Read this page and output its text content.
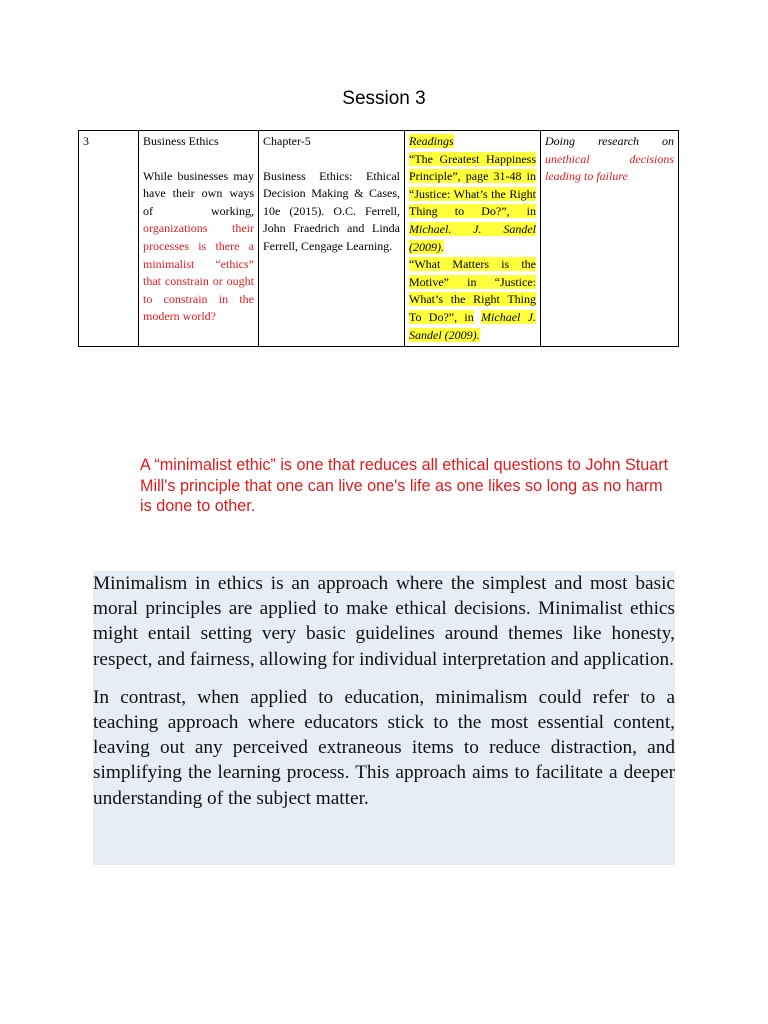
Session 3
3	Business Ethics
While businesses may have their own ways of working, organizations their processes is there a minimalist “ethics” that constrain or ought to constrain in the modern world?	Chapter-5
Business Ethics: Ethical Decision Making & Cases, 10e (2015). O.C. Ferrell, John Fraedrich and Linda Ferrell, Cengage Learning.	Readings
“The Greatest Happiness Principle”, page 31-48 in “Justice: What’s the Right Thing to Do?”, in Michael. J. Sandel (2009).
“What Matters is the Motive” in “Justice: What’s the Right Thing To Do?”, in Michael J. Sandel (2009).	Doing research on unethical decisions leading to failure
A “minimalist ethic” is one that reduces all ethical questions to John Stuart Mill's principle that one can live one's life as one likes so long as no harm is done to other.

Minimalism in ethics is an approach where the simplest and most basic moral principles are applied to make ethical decisions. Minimalist ethics might entail setting very basic guidelines around themes like honesty, respect, and fairness, allowing for individual interpretation and application.

In contrast, when applied to education, minimalism could refer to a teaching approach where educators stick to the most essential content, leaving out any perceived extraneous items to reduce distraction, and simplifying the learning process. This approach aims to facilitate a deeper understanding of the subject matter.
